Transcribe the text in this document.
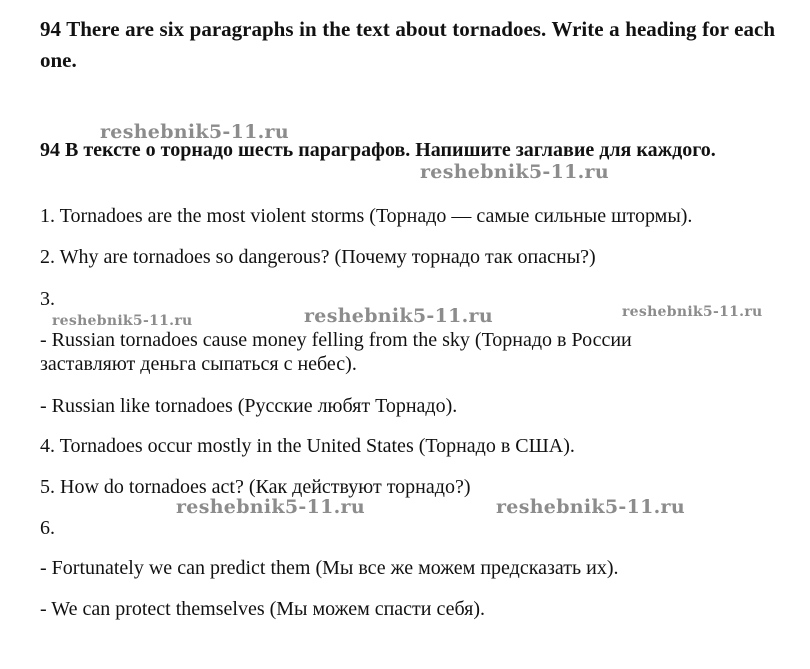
94 There are six paragraphs in the text about tornadoes. Write a heading for each one.

reshebnik5-11.ru

94 В тексте о торнадо шесть параграфов. Напишите заглавие для каждого.

reshebnik5-11.ru

1. Tornadoes are the most violent storms (Торнадо — самые сильные штормы).

2. Why are tornadoes so dangerous? (Почему торнадо так опасны?)

3.

reshebnik5-11.ru	reshebnik5-11.ru	reshebnik5-11.ru

- Russian tornadoes cause money felling from the sky (Торнадо в России заставляют деньга сыпаться с небес).

- Russian like tornadoes (Русские любят Торнадо).

4. Tornadoes occur mostly in the United States (Торнадо в США).

5. How do tornadoes act? (Как действуют торнадо?)

reshebnik5-11.ru	reshebnik5-11.ru

6.

- Fortunately we can predict them (Мы все же можем предсказать их).

- We can protect themselves (Мы можем спасти себя).
